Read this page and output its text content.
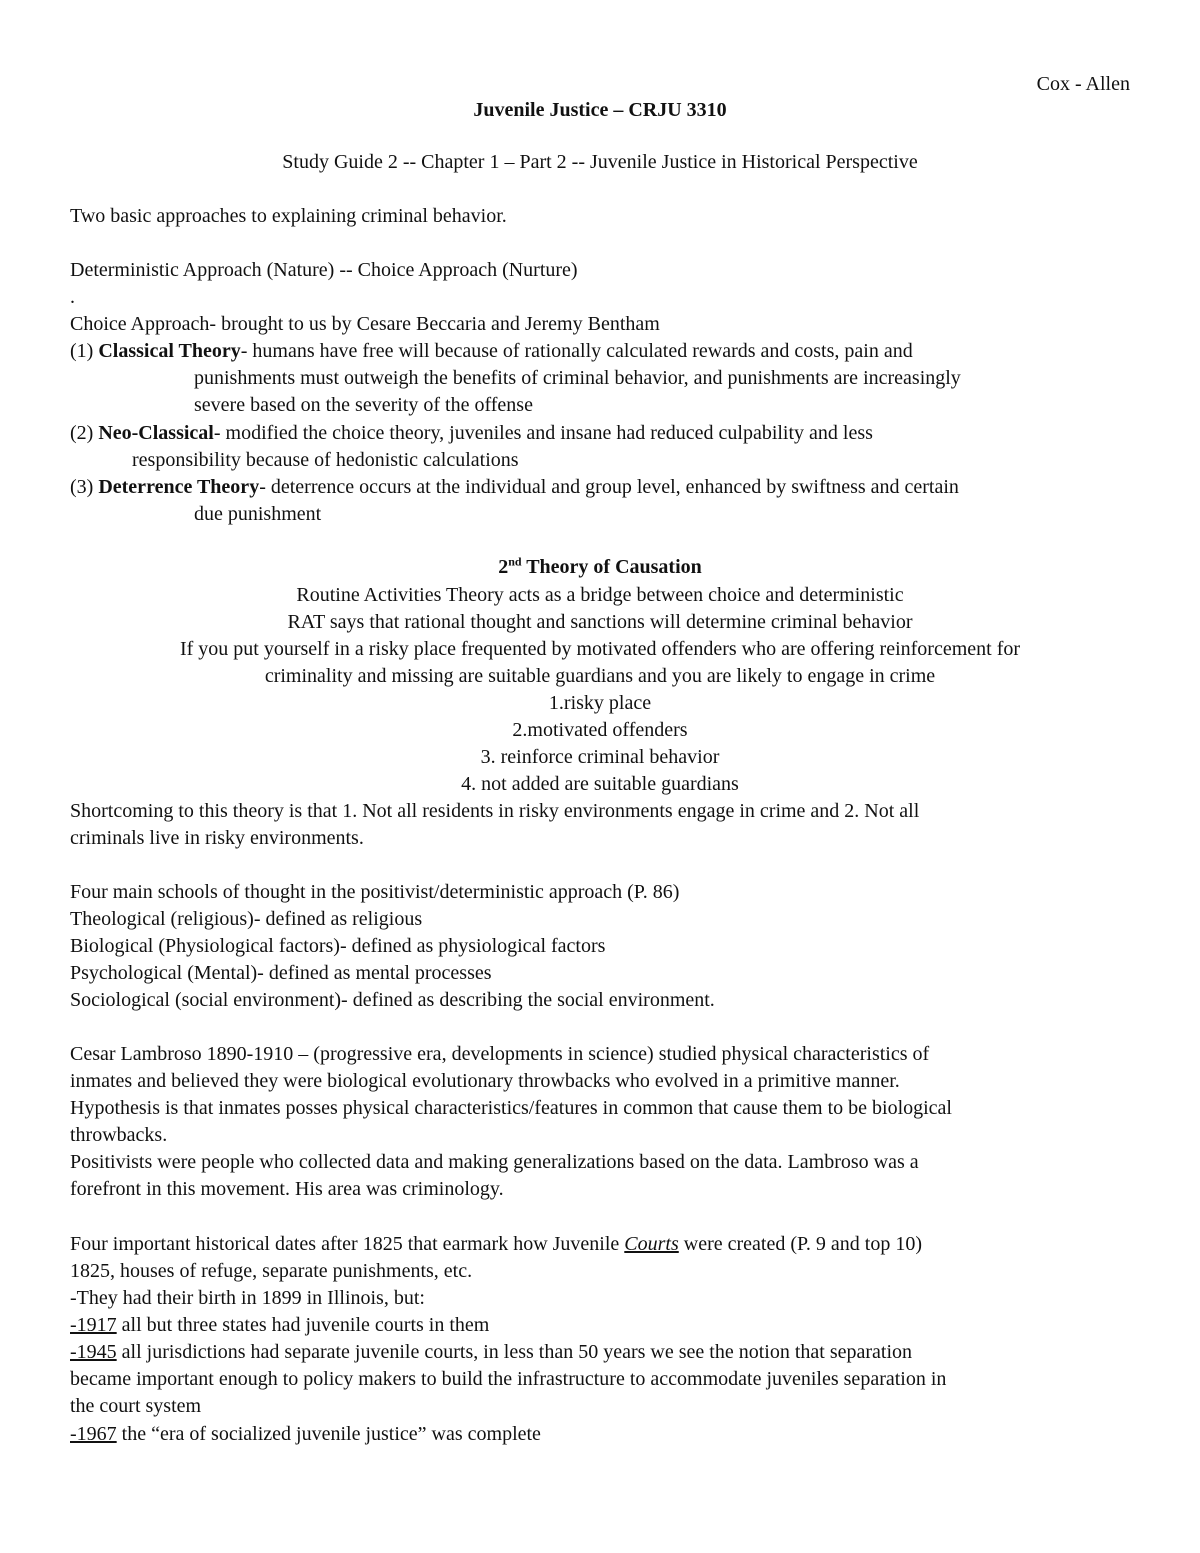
Cox - Allen
Juvenile Justice – CRJU 3310
Study Guide 2 -- Chapter 1 – Part 2 -- Juvenile Justice in Historical Perspective
Two basic approaches to explaining criminal behavior.
Deterministic Approach (Nature) -- Choice Approach (Nurture)
.
Choice Approach- brought to us by Cesare Beccaria and Jeremy Bentham
(1) Classical Theory- humans have free will because of rationally calculated rewards and costs, pain and
punishments must outweigh the benefits of criminal behavior, and punishments are increasingly
severe based on the severity of the offense
(2) Neo-Classical- modified the choice theory, juveniles and insane had reduced culpability and less
responsibility because of hedonistic calculations
(3) Deterrence Theory- deterrence occurs at the individual and group level, enhanced by swiftness and certain
due punishment
2nd Theory of Causation
Routine Activities Theory acts as a bridge between choice and deterministic
RAT says that rational thought and sanctions will determine criminal behavior
If you put yourself in a risky place frequented by motivated offenders who are offering reinforcement for
criminality and missing are suitable guardians and you are likely to engage in crime
1.risky place
2.motivated offenders
3. reinforce criminal behavior
4. not added are suitable guardians
Shortcoming to this theory is that 1. Not all residents in risky environments engage in crime and 2. Not all
criminals live in risky environments.
Four main schools of thought in the positivist/deterministic approach (P. 86)
Theological (religious)- defined as religious
Biological (Physiological factors)- defined as physiological factors
Psychological (Mental)- defined as mental processes
Sociological (social environment)- defined as describing the social environment.
Cesar Lambroso 1890-1910 – (progressive era, developments in science) studied physical characteristics of
inmates and believed they were biological evolutionary throwbacks who evolved in a primitive manner.
Hypothesis is that inmates posses physical characteristics/features in common that cause them to be biological
throwbacks.
Positivists were people who collected data and making generalizations based on the data. Lambroso was a
forefront in this movement. His area was criminology.
Four important historical dates after 1825 that earmark how Juvenile Courts were created (P. 9 and top 10)
1825, houses of refuge, separate punishments, etc.
-They had their birth in 1899 in Illinois, but:
-1917 all but three states had juvenile courts in them
-1945 all jurisdictions had separate juvenile courts, in less than 50 years we see the notion that separation
became important enough to policy makers to build the infrastructure to accommodate juveniles separation in
the court system
-1967 the “era of socialized juvenile justice” was complete
